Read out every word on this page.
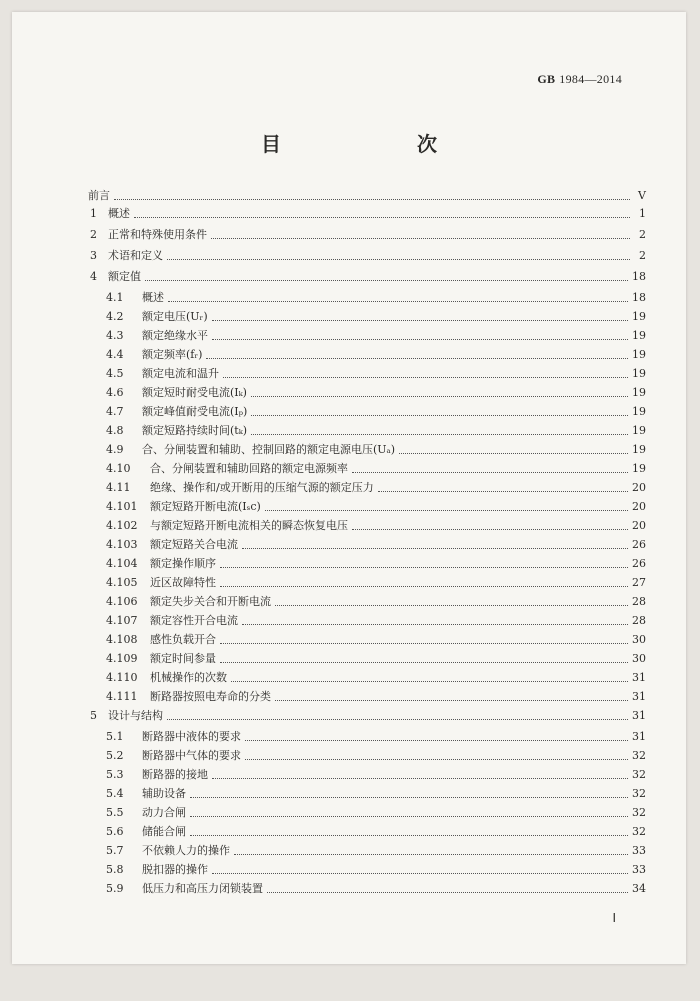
GB 1984—2014
目　　次
前言	Ⅴ
1	概述	1
2	正常和特殊使用条件	2
3	术语和定义	2
4	额定值	18
4.1	概述	18
4.2	额定电压(Uᵣ)	19
4.3	额定绝缘水平	19
4.4	额定频率(fᵣ)	19
4.5	额定电流和温升	19
4.6	额定短时耐受电流(Iₖ)	19
4.7	额定峰值耐受电流(Iₚ)	19
4.8	额定短路持续时间(tₖ)	19
4.9	合、分闸装置和辅助、控制回路的额定电源电压(Uₐ)	19
4.10	合、分闸装置和辅助回路的额定电源频率	19
4.11	绝缘、操作和/或开断用的压缩气源的额定压力	20
4.101	额定短路开断电流(Iₛc)	20
4.102	与额定短路开断电流相关的瞬态恢复电压	20
4.103	额定短路关合电流	26
4.104	额定操作顺序	26
4.105	近区故障特性	27
4.106	额定失步关合和开断电流	28
4.107	额定容性开合电流	28
4.108	感性负载开合	30
4.109	额定时间参量	30
4.110	机械操作的次数	31
4.111	断路器按照电寿命的分类	31
5	设计与结构	31
5.1	断路器中液体的要求	31
5.2	断路器中气体的要求	32
5.3	断路器的接地	32
5.4	辅助设备	32
5.5	动力合闸	32
5.6	储能合闸	32
5.7	不依赖人力的操作	33
5.8	脱扣器的操作	33
5.9	低压力和高压力闭锁装置	34
Ⅰ
